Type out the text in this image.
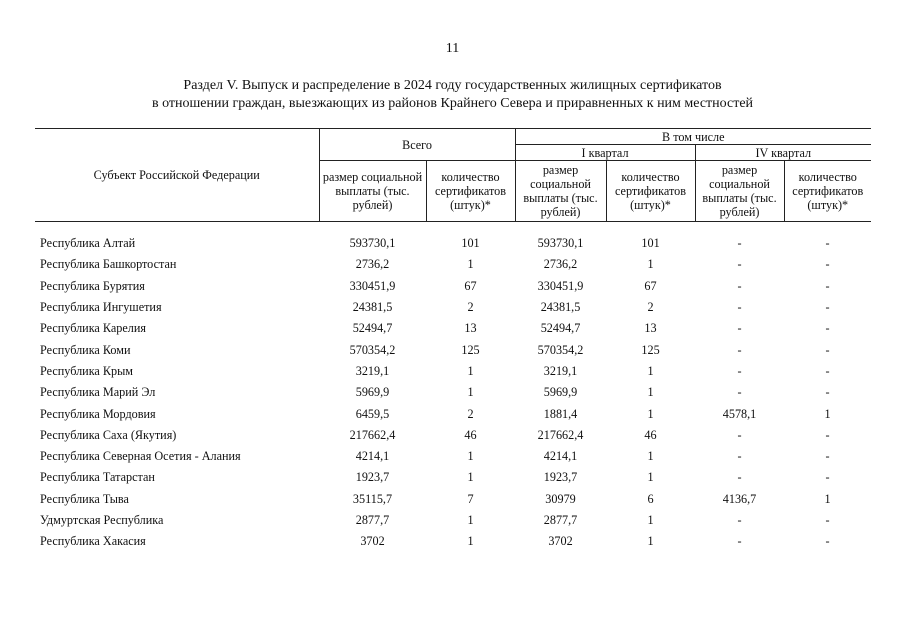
11
Раздел V. Выпуск и распределение в 2024 году государственных жилищных сертификатов
в отношении граждан, выезжающих из районов Крайнего Севера и приравненных к ним местностей
Субъект Российской Федерации	Всего		В том числе			
			I квартал		IV квартал	
	размер социальной выплаты (тыс. рублей)	количество сертификатов (штук)*	размер социальной выплаты (тыс. рублей)	количество сертификатов (штук)*	размер социальной выплаты (тыс. рублей)	количество сертификатов (штук)*

Республика Алтай	593730,1	101	593730,1	101	-	-
Республика Башкортостан	2736,2	1	2736,2	1	-	-
Республика Бурятия	330451,9	67	330451,9	67	-	-
Республика Ингушетия	24381,5	2	24381,5	2	-	-
Республика Карелия	52494,7	13	52494,7	13	-	-
Республика Коми	570354,2	125	570354,2	125	-	-
Республика Крым	3219,1	1	3219,1	1	-	-
Республика Марий Эл	5969,9	1	5969,9	1	-	-
Республика Мордовия	6459,5	2	1881,4	1	4578,1	1
Республика Саха (Якутия)	217662,4	46	217662,4	46	-	-
Республика Северная Осетия - Алания	4214,1	1	4214,1	1	-	-
Республика Татарстан	1923,7	1	1923,7	1	-	-
Республика Тыва	35115,7	7	30979	6	4136,7	1
Удмуртская Республика	2877,7	1	2877,7	1	-	-
Республика Хакасия	3702	1	3702	1	-	-
